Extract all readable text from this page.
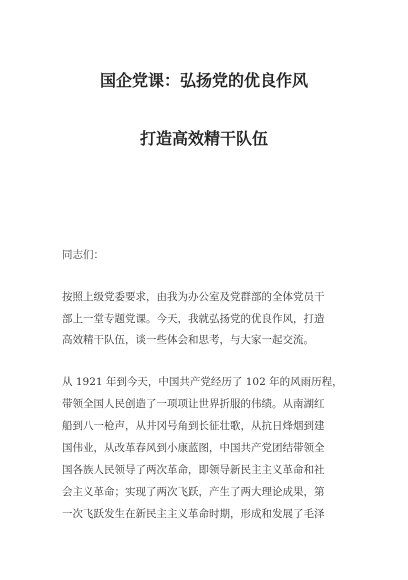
国企党课：弘扬党的优良作风
打造高效精干队伍
同志们：
按照上级党委要求，由我为办公室及党群部的全体党员干
部上一堂专题党课。今天，我就弘扬党的优良作风，打造
高效精干队伍，谈一些体会和思考，与大家一起交流。
从 1921 年到今天，中国共产党经历了 102 年的风雨历程，
带领全国人民创造了一项项让世界折服的伟绩。从南湖红
船到八一枪声，从井冈号角到长征壮歌，从抗日烽烟到建
国伟业，从改革春风到小康蓝图，中国共产党团结带领全
国各族人民领导了两次革命，即领导新民主主义革命和社
会主义革命；实现了两次飞跃，产生了两大理论成果，第
一次飞跃发生在新民主主义革命时期，形成和发展了毛泽
